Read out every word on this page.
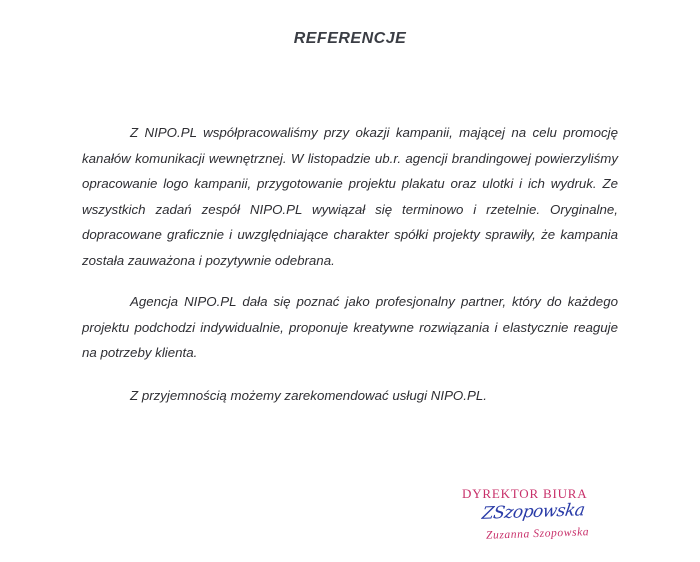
REFERENCJE

Z NIPO.PL współpracowaliśmy przy okazji kampanii, mającej na celu promocję kanałów komunikacji wewnętrznej. W listopadzie ub.r. agencji brandingowej powierzyliśmy opracowanie logo kampanii, przygotowanie projektu plakatu oraz ulotki i ich wydruk. Ze wszystkich zadań zespół NIPO.PL wywiązał się terminowo i rzetelnie. Oryginalne, dopracowane graficznie i uwzględniające charakter spółki projekty sprawiły, że kampania została zauważona i pozytywnie odebrana.

Agencja NIPO.PL dała się poznać jako profesjonalny partner, który do każdego projektu podchodzi indywidualnie, proponuje kreatywne rozwiązania i elastycznie reaguje na potrzeby klienta.

Z przyjemnością możemy zarekomendować usługi NIPO.PL.

DYREKTOR BIURA
ZSzopowska
Zuzanna Szopowska
